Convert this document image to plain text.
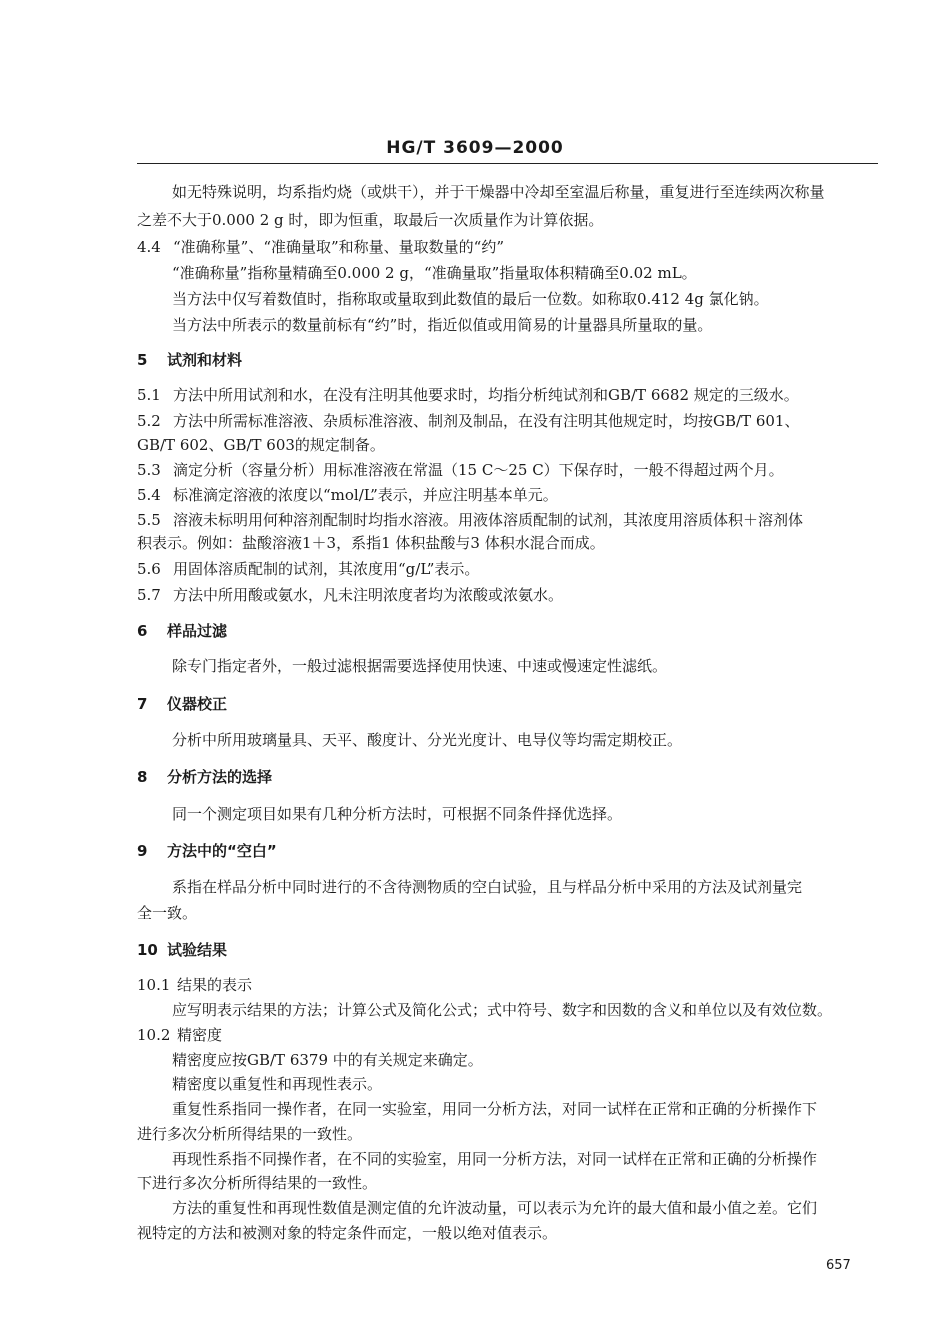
HG/T 3609—2000
如无特殊说明，均系指灼烧（或烘干），并于干燥器中冷却至室温后称量，重复进行至连续两次称量
之差不大于0.000 2 g 时，即为恒重，取最后一次质量作为计算依据。
4.4 “准确称量”、“准确量取”和称量、量取数量的“约”
“准确称量”指称量精确至0.000 2 g，“准确量取”指量取体积精确至0.02 mL。
当方法中仅写着数值时，指称取或量取到此数值的最后一位数。如称取0.412 4g 氯化钠。
当方法中所表示的数量前标有“约”时，指近似值或用简易的计量器具所量取的量。
5 试剂和材料
5.1 方法中所用试剂和水，在没有注明其他要求时，均指分析纯试剂和GB/T 6682 规定的三级水。
5.2 方法中所需标准溶液、杂质标准溶液、制剂及制品，在没有注明其他规定时，均按GB/T 601、
GB/T 602、GB/T 603的规定制备。
5.3 滴定分析（容量分析）用标准溶液在常温（15 C～25 C）下保存时，一般不得超过两个月。
5.4 标准滴定溶液的浓度以“mol/L”表示，并应注明基本单元。
5.5 溶液未标明用何种溶剂配制时均指水溶液。用液体溶质配制的试剂，其浓度用溶质体积＋溶剂体
积表示。例如：盐酸溶液1＋3，系指1 体积盐酸与3 体积水混合而成。
5.6 用固体溶质配制的试剂，其浓度用“g/L”表示。
5.7 方法中所用酸或氨水，凡未注明浓度者均为浓酸或浓氨水。
6 样品过滤
除专门指定者外，一般过滤根据需要选择使用快速、中速或慢速定性滤纸。
7 仪器校正
分析中所用玻璃量具、天平、酸度计、分光光度计、电导仪等均需定期校正。
8 分析方法的选择
同一个测定项目如果有几种分析方法时，可根据不同条件择优选择。
9 方法中的“空白”
系指在样品分析中同时进行的不含待测物质的空白试验，且与样品分析中采用的方法及试剂量完
全一致。
10 试验结果
10.1 结果的表示
应写明表示结果的方法；计算公式及简化公式；式中符号、数字和因数的含义和单位以及有效位数。
10.2 精密度
精密度应按GB/T 6379 中的有关规定来确定。
精密度以重复性和再现性表示。
重复性系指同一操作者，在同一实验室，用同一分析方法，对同一试样在正常和正确的分析操作下
进行多次分析所得结果的一致性。
再现性系指不同操作者，在不同的实验室，用同一分析方法，对同一试样在正常和正确的分析操作
下进行多次分析所得结果的一致性。
方法的重复性和再现性数值是测定值的允许波动量，可以表示为允许的最大值和最小值之差。它们
视特定的方法和被测对象的特定条件而定，一般以绝对值表示。
657
